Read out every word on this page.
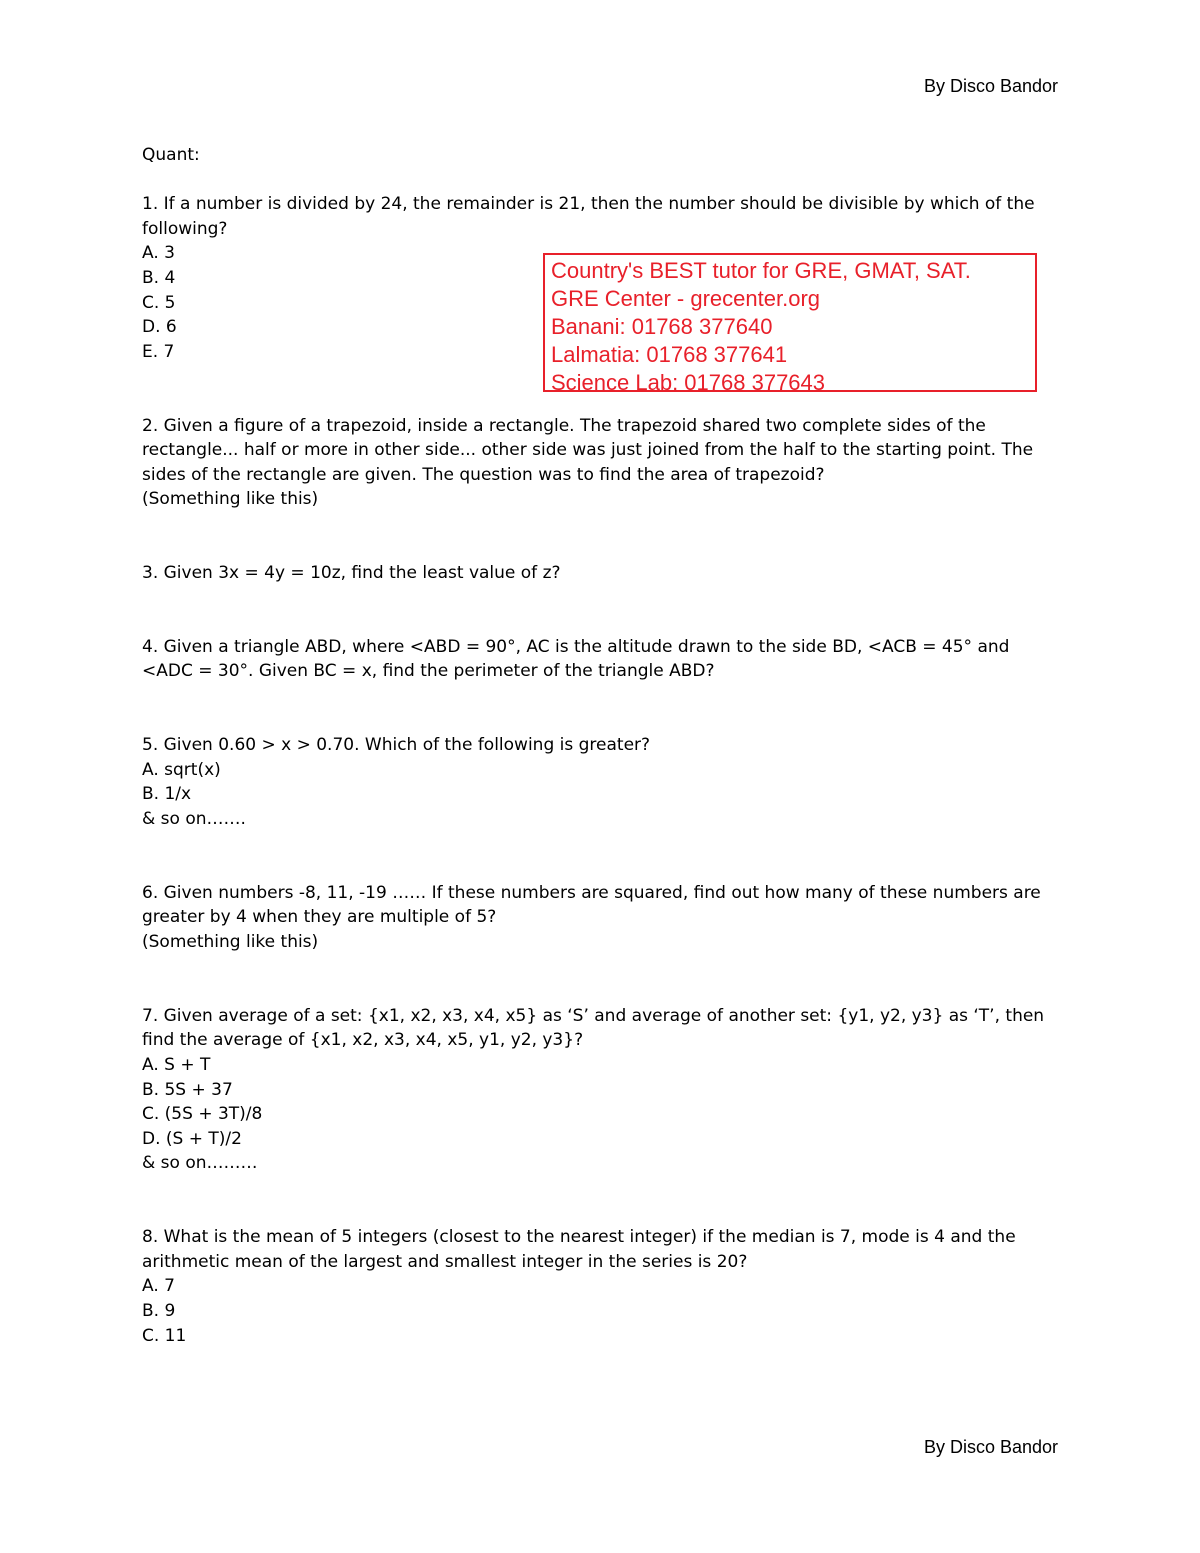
By Disco Bandor

Quant:

1. If a number is divided by 24, the remainder is 21, then the number should be divisible by which of the following?

A. 3

B. 4

C. 5

D. 6

E. 7

2. Given a figure of a trapezoid, inside a rectangle. The trapezoid shared two complete sides of the rectangle... half or more in other side... other side was just joined from the half to the starting point. The sides of the rectangle are given. The question was to find the area of trapezoid?

(Something like this)

3. Given 3x = 4y = 10z, find the least value of z?

4. Given a triangle ABD, where <ABD = 90°, AC is the altitude drawn to the side BD, <ACB = 45° and <ADC = 30°. Given BC = x, find the perimeter of the triangle ABD?

5. Given 0.60 > x > 0.70. Which of the following is greater?

A. sqrt(x)

B. 1/x

& so on…….

6. Given numbers -8, 11, -19 …… If these numbers are squared, find out how many of these numbers are greater by 4 when they are multiple of 5?

(Something like this)

7. Given average of a set: {x1, x2, x3, x4, x5} as ‘S’ and average of another set: {y1, y2, y3} as ‘T’, then find the average of {x1, x2, x3, x4, x5, y1, y2, y3}?

A. S + T

B. 5S + 37

C. (5S + 3T)/8

D. (S + T)/2

& so on………

8. What is the mean of 5 integers (closest to the nearest integer) if the median is 7, mode is 4 and the arithmetic mean of the largest and smallest integer in the series is 20?

A. 7

B. 9

C. 11

Country's BEST tutor for GRE, GMAT, SAT.
GRE Center - grecenter.org
Banani: 01768 377640
Lalmatia: 01768 377641
Science Lab: 01768 377643
By Disco Bandor
